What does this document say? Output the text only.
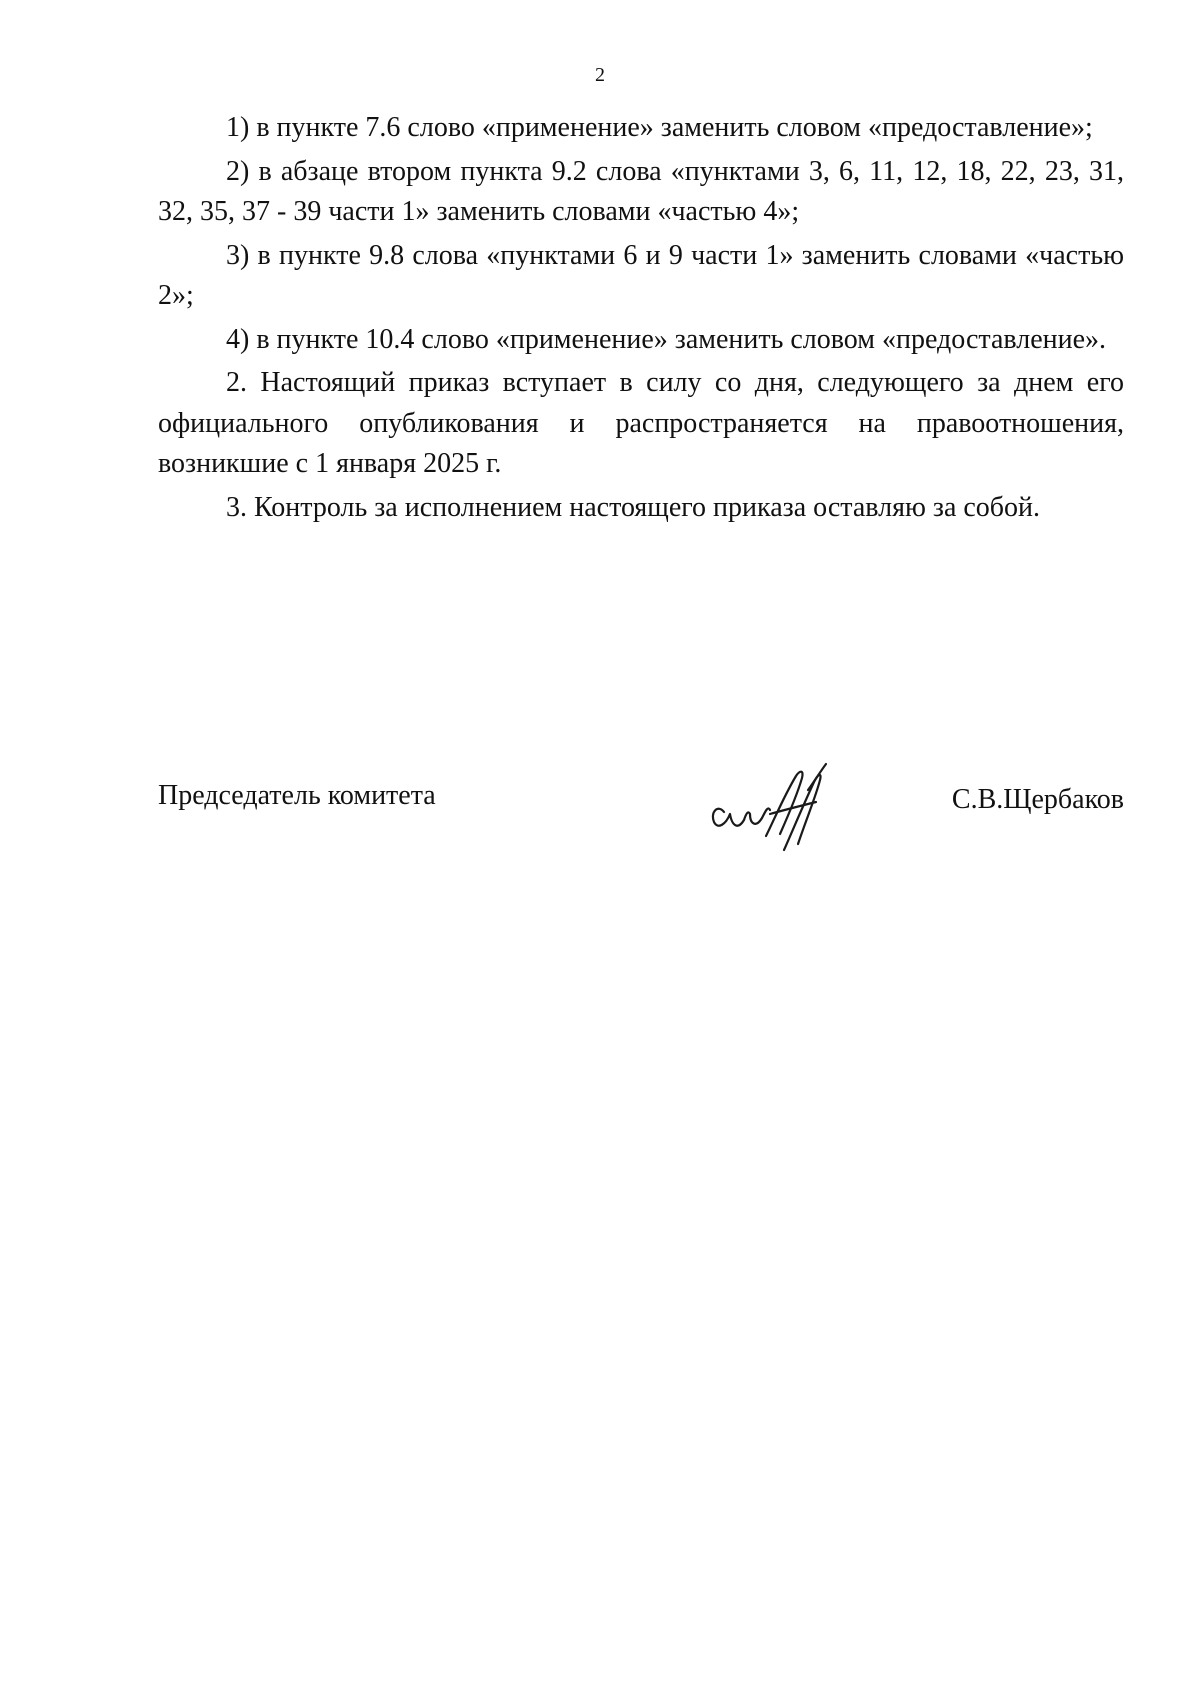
2

1) в пункте 7.6 слово «применение» заменить словом «предоставление»;

2) в абзаце втором пункта 9.2 слова «пунктами 3, 6, 11, 12, 18, 22, 23, 31, 32, 35, 37 - 39 части 1» заменить словами «частью 4»;

3) в пункте 9.8 слова «пунктами 6 и 9 части 1» заменить словами «частью 2»;

4) в пункте 10.4 слово «применение» заменить словом «предоставление».

2. Настоящий приказ вступает в силу со дня, следующего за днем его официального опубликования и распространяется на правоотношения, возникшие с 1 января 2025 г.

3. Контроль за исполнением настоящего приказа оставляю за собой.

Председатель комитета	С.В.Щербаков
